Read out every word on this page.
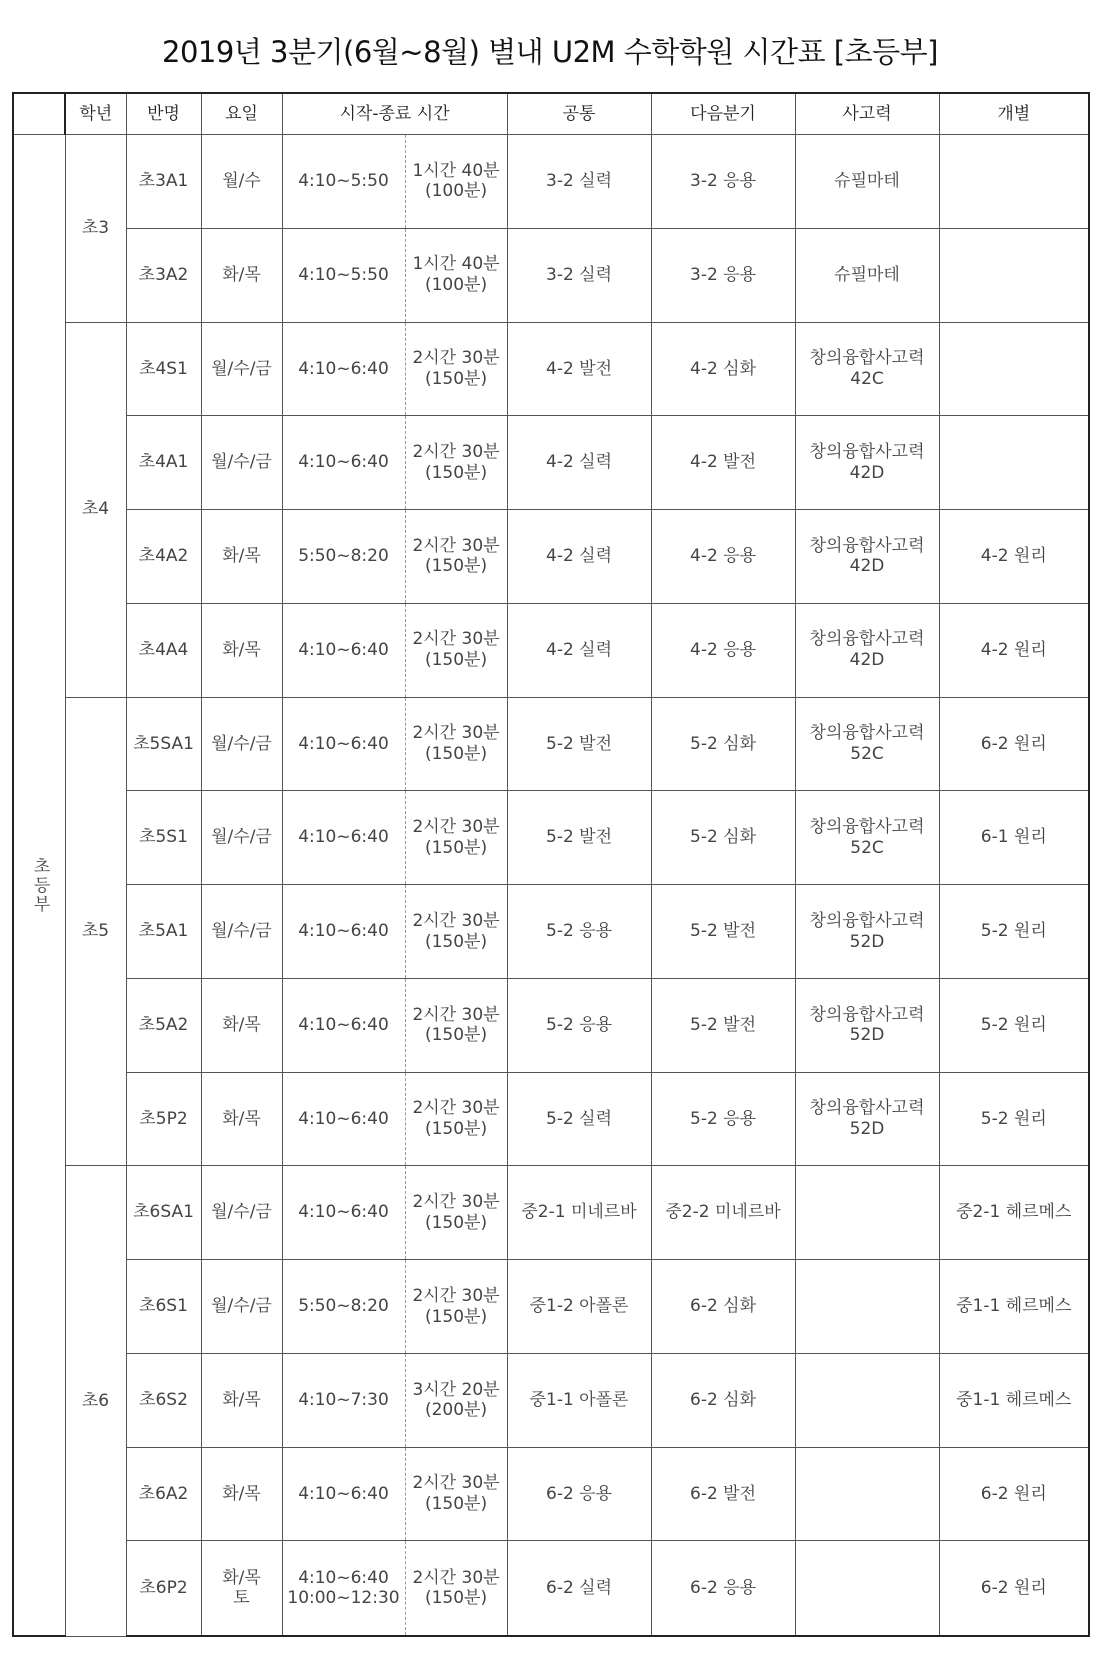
2019년 3분기(6월~8월) 별내 U2M 수학학원 시간표 [초등부]
	학년	반명	요일	시작-종료 시간		공통	다음분기	사고력	개별
초등부	초3	초3A1	월/수	4:10~5:50	1시간 40분
(100분)	3-2 실력	3-2 응용	슈필마테	

		초3A2	화/목	4:10~5:50	1시간 40분
(100분)	3-2 실력	3-2 응용	슈필마테	

	초4	초4S1	월/수/금	4:10~6:40	2시간 30분
(150분)	4-2 발전	4-2 심화	창의융합사고력
42C	

		초4A1	월/수/금	4:10~6:40	2시간 30분
(150분)	4-2 실력	4-2 발전	창의융합사고력
42D	

		초4A2	화/목	5:50~8:20	2시간 30분
(150분)	4-2 실력	4-2 응용	창의융합사고력
42D	4-2 원리
		초4A4	화/목	4:10~6:40	2시간 30분
(150분)	4-2 실력	4-2 응용	창의융합사고력
42D	4-2 원리
	초5	초5SA1	월/수/금	4:10~6:40	2시간 30분
(150분)	5-2 발전	5-2 심화	창의융합사고력
52C	6-2 원리
		초5S1	월/수/금	4:10~6:40	2시간 30분
(150분)	5-2 발전	5-2 심화	창의융합사고력
52C	6-1 원리
		초5A1	월/수/금	4:10~6:40	2시간 30분
(150분)	5-2 응용	5-2 발전	창의융합사고력
52D	5-2 원리
		초5A2	화/목	4:10~6:40	2시간 30분
(150분)	5-2 응용	5-2 발전	창의융합사고력
52D	5-2 원리
		초5P2	화/목	4:10~6:40	2시간 30분
(150분)	5-2 실력	5-2 응용	창의융합사고력
52D	5-2 원리
	초6	초6SA1	월/수/금	4:10~6:40	2시간 30분
(150분)	중2-1 미네르바	중2-2 미네르바		중2-1 헤르메스
		초6S1	월/수/금	5:50~8:20	2시간 30분
(150분)	중1-2 아폴론	6-2 심화		중1-1 헤르메스
		초6S2	화/목	4:10~7:30	3시간 20분
(200분)	중1-1 아폴론	6-2 심화		중1-1 헤르메스
		초6A2	화/목	4:10~6:40	2시간 30분
(150분)	6-2 응용	6-2 발전		6-2 원리
		초6P2	화/목
토	4:10~6:40
10:00~12:30	2시간 30분
(150분)	6-2 실력	6-2 응용		6-2 원리
